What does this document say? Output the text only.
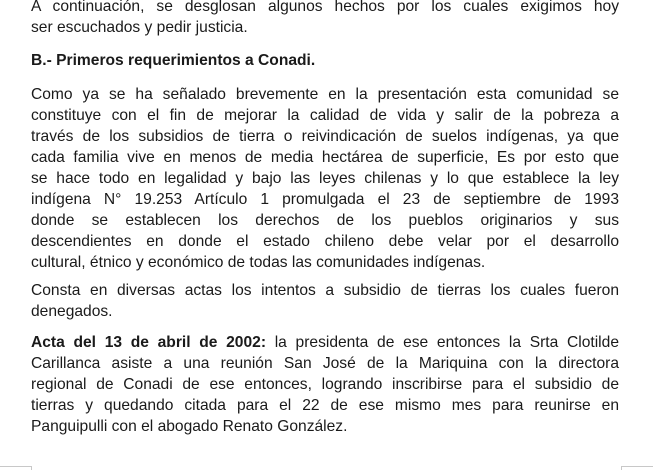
A continuación, se desglosan algunos hechos por los cuales exigimos hoy
ser escuchados y pedir justicia.
B.- Primeros requerimientos a Conadi.
Como ya se ha señalado brevemente en la presentación esta comunidad se
constituye con el fin de mejorar la calidad de vida y salir de la pobreza a
través de los subsidios de tierra o reivindicación de suelos indígenas, ya que
cada familia vive en menos de media hectárea de superficie, Es por esto que
se hace todo en legalidad y bajo las leyes chilenas y lo que establece la ley
indígena N° 19.253 Artículo 1 promulgada el 23 de septiembre de 1993
donde se establecen los derechos de los pueblos originarios y sus
descendientes en donde el estado chileno debe velar por el desarrollo
cultural, étnico y económico de todas las comunidades indígenas.
Consta en diversas actas los intentos a subsidio de tierras los cuales fueron
denegados.
Acta del 13 de abril de 2002: la presidenta de ese entonces la Srta Clotilde
Carillanca asiste a una reunión San José de la Mariquina con la directora
regional de Conadi de ese entonces, logrando inscribirse para el subsidio de
tierras y quedando citada para el 22 de ese mismo mes para reunirse en
Panguipulli con el abogado Renato González.
